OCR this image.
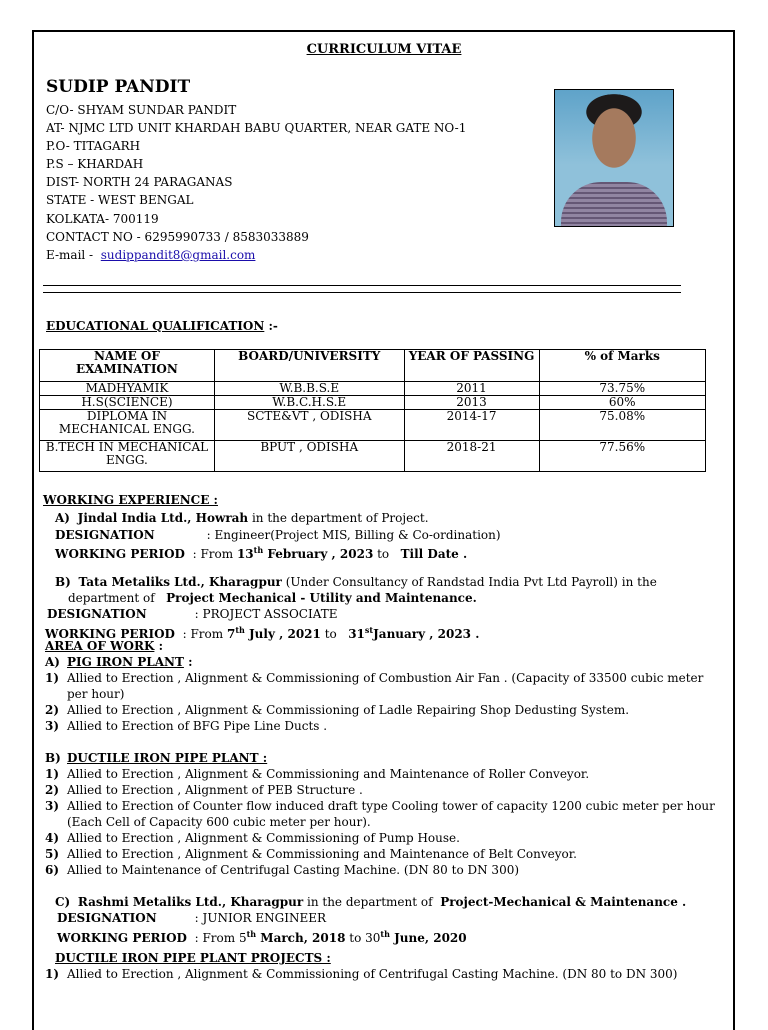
CURRICULUM VITAE
SUDIP PANDIT
C/O- SHYAM SUNDAR PANDIT
AT- NJMC LTD UNIT KHARDAH BABU QUARTER, NEAR GATE NO-1
P.O- TITAGARH
P.S – KHARDAH
DIST- NORTH 24 PARAGANAS
STATE - WEST BENGAL
KOLKATA- 700119
CONTACT NO - 6295990733 / 8583033889
E-mail - sudippandit8@gmail.com
EDUCATIONAL QUALIFICATION :-
NAME OF EXAMINATION	BOARD/UNIVERSITY	YEAR OF PASSING	% of Marks
MADHYAMIK	W.B.B.S.E	2011	73.75%
H.S(SCIENCE)	W.B.C.H.S.E	2013	60%
DIPLOMA IN MECHANICAL ENGG.	SCTE&VT , ODISHA	2014-17	75.08%
B.TECH IN MECHANICAL ENGG.	BPUT , ODISHA	2018-21	77.56%
WORKING EXPERIENCE :
A) Jindal India Ltd., Howrah in the department of Project.
DESIGNATION	: Engineer(Project MIS, Billing & Co-ordination)
WORKING PERIOD : From 13th February , 2023 to   Till Date .
B) Tata Metaliks Ltd., Kharagpur (Under Consultancy of Randstad India Pvt Ltd Payroll) in the
department of   Project Mechanical - Utility and Maintenance.
DESIGNATION	: PROJECT ASSOCIATE
WORKING PERIOD : From 7th July , 2021 to   31stJanuary , 2023 .
AREA OF WORK :
A) PIG IRON PLANT :
1) Allied to Erection , Alignment & Commissioning of Combustion Air Fan . (Capacity of 33500 cubic meter
per hour)
2) Allied to Erection , Alignment & Commissioning of Ladle Repairing Shop Dedusting System.
3) Allied to Erection of BFG Pipe Line Ducts .
B) DUCTILE IRON PIPE PLANT :
1) Allied to Erection , Alignment & Commissioning and Maintenance of Roller Conveyor.
2) Allied to Erection , Alignment of PEB Structure .
3) Allied to Erection of Counter flow induced draft type Cooling tower of capacity 1200 cubic meter per hour
(Each Cell of Capacity 600 cubic meter per hour).
4) Allied to Erection , Alignment & Commissioning of Pump House.
5) Allied to Erection , Alignment & Commissioning and Maintenance of Belt Conveyor.
6) Allied to Maintenance of Centrifugal Casting Machine. (DN 80 to DN 300)
C) Rashmi Metaliks Ltd., Kharagpur in the department of  Project-Mechanical & Maintenance .
DESIGNATION	: JUNIOR ENGINEER
WORKING PERIOD : From 5th March, 2018 to 30th June, 2020
DUCTILE IRON PIPE PLANT PROJECTS :
1) Allied to Erection , Alignment & Commissioning of Centrifugal Casting Machine. (DN 80 to DN 300)
